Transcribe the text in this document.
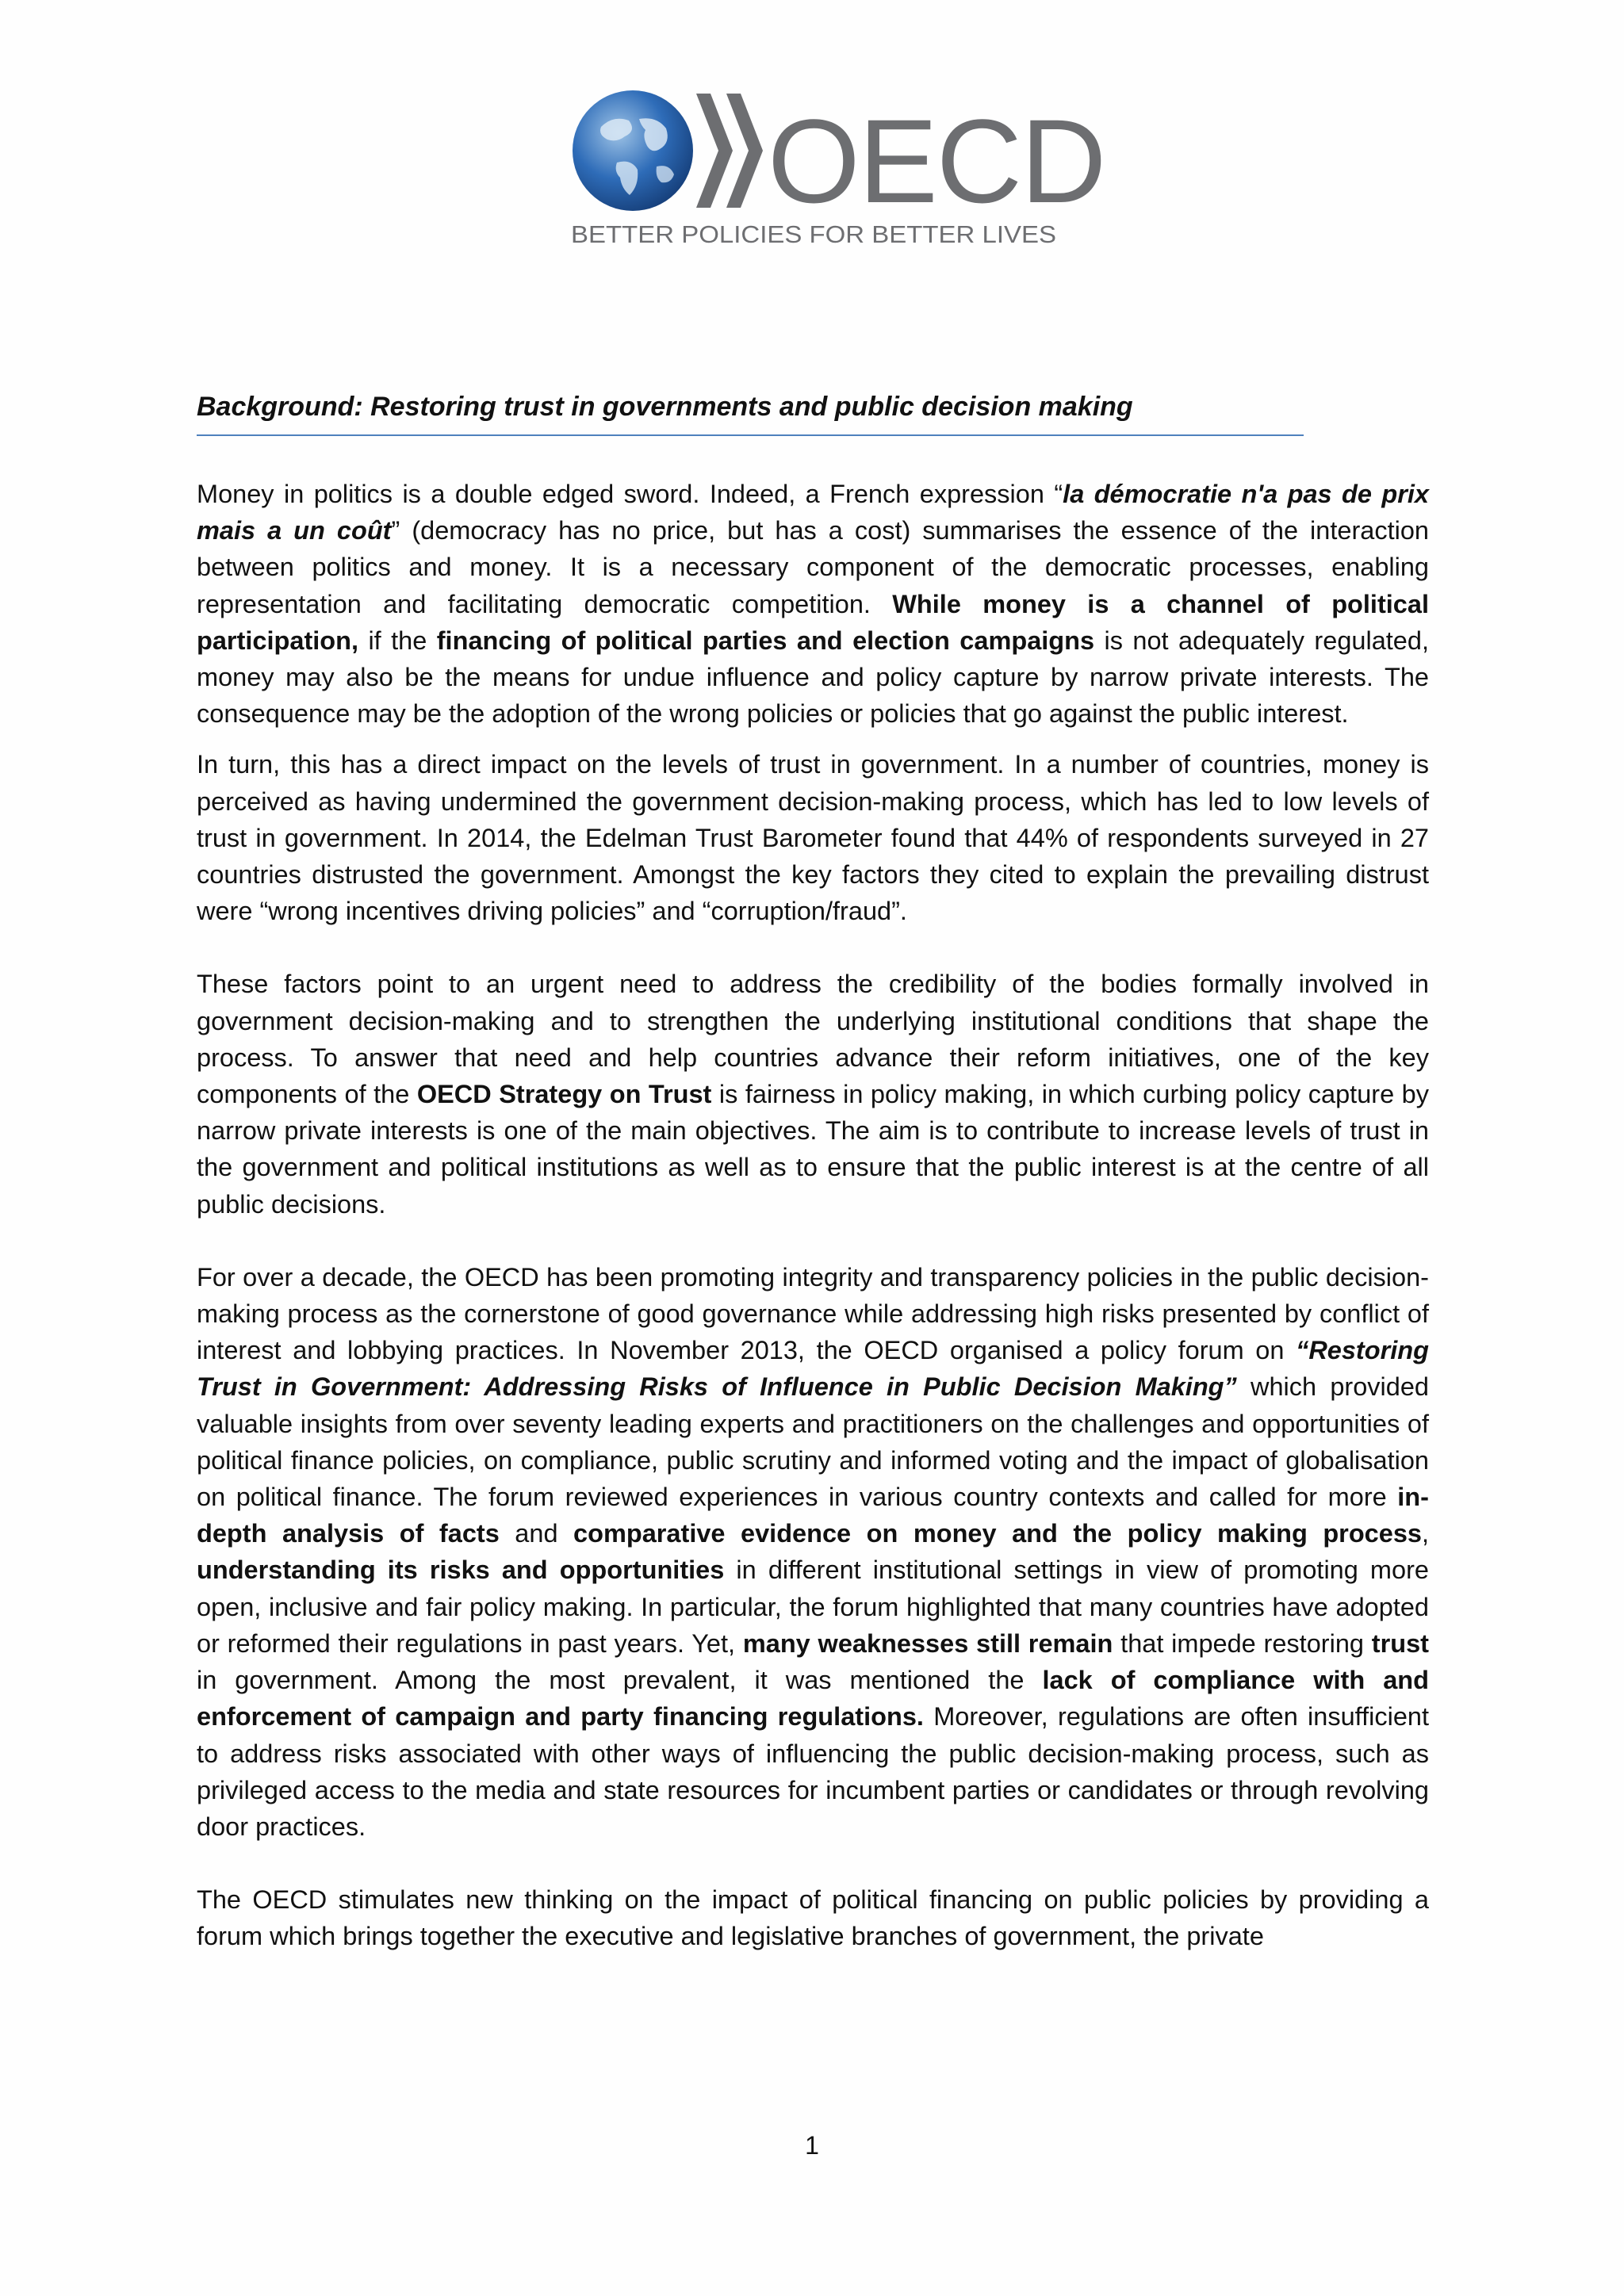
OECD
BETTER POLICIES FOR BETTER LIVES
Background: Restoring trust in governments and public decision making

Money in politics is a double edged sword. Indeed, a French expression “la démocratie n'a pas de prix mais a un coût” (democracy has no price, but has a cost) summarises the essence of the interaction between politics and money. It is a necessary component of the democratic processes, enabling representation and facilitating democratic competition. While money is a channel of political participation, if the financing of political parties and election campaigns is not adequately regulated, money may also be the means for undue influence and policy capture by narrow private interests. The consequence may be the adoption of the wrong policies or policies that go against the public interest.

In turn, this has a direct impact on the levels of trust in government. In a number of countries, money is perceived as having undermined the government decision-making process, which has led to low levels of trust in government. In 2014, the Edelman Trust Barometer found that 44% of respondents surveyed in 27 countries distrusted the government. Amongst the key factors they cited to explain the prevailing distrust were “wrong incentives driving policies” and “corruption/fraud”.

These factors point to an urgent need to address the credibility of the bodies formally involved in government decision-making and to strengthen the underlying institutional conditions that shape the process. To answer that need and help countries advance their reform initiatives, one of the key components of the OECD Strategy on Trust is fairness in policy making, in which curbing policy capture by narrow private interests is one of the main objectives. The aim is to contribute to increase levels of trust in the government and political institutions as well as to ensure that the public interest is at the centre of all public decisions.

For over a decade, the OECD has been promoting integrity and transparency policies in the public decision-making process as the cornerstone of good governance while addressing high risks presented by conflict of interest and lobbying practices. In November 2013, the OECD organised a policy forum on “Restoring Trust in Government: Addressing Risks of Influence in Public Decision Making” which provided valuable insights from over seventy leading experts and practitioners on the challenges and opportunities of political finance policies, on compliance, public scrutiny and informed voting and the impact of globalisation on political finance. The forum reviewed experiences in various country contexts and called for more in-depth analysis of facts and comparative evidence on money and the policy making process, understanding its risks and opportunities in different institutional settings in view of promoting more open, inclusive and fair policy making. In particular, the forum highlighted that many countries have adopted or reformed their regulations in past years. Yet, many weaknesses still remain that impede restoring trust in government. Among the most prevalent, it was mentioned the lack of compliance with and enforcement of campaign and party financing regulations. Moreover, regulations are often insufficient to address risks associated with other ways of influencing the public decision-making process, such as privileged access to the media and state resources for incumbent parties or candidates or through revolving door practices.

The OECD stimulates new thinking on the impact of political financing on public policies by providing a forum which brings together the executive and legislative branches of government, the private

1
